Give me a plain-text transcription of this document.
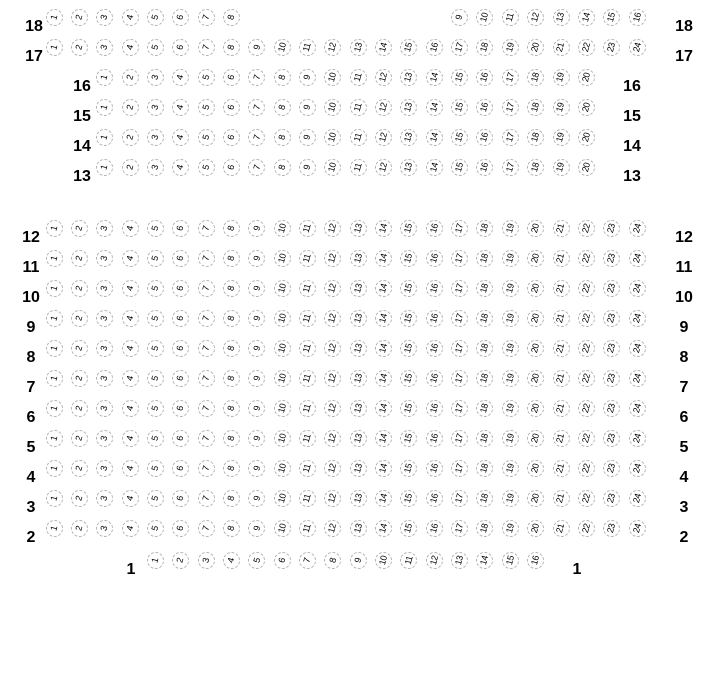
18
1 2 3 4 5 6 7 8	9 10 11 12 13 14 15 16
18
17
1 2 3 4 5 6 7 8 9 10 11 12 13 14 15 16 17 18 19 20 21 22 23 24
17
16
1 2 3 4 5 6 7 8 9 10 11 12 13 14 15 16 17 18 19 20
16
15
1 2 3 4 5 6 7 8 9 10 11 12 13 14 15 16 17 18 19 20
15
14
1 2 3 4 5 6 7 8 9 10 11 12 13 14 15 16 17 18 19 20
14
13
1 2 3 4 5 6 7 8 9 10 11 12 13 14 15 16 17 18 19 20
13
12
1 2 3 4 5 6 7 8 9 10 11 12 13 14 15 16 17 18 19 20 21 22 23 24
12
11
1 2 3 4 5 6 7 8 9 10 11 12 13 14 15 16 17 18 19 20 21 22 23 24
11
10
1 2 3 4 5 6 7 8 9 10 11 12 13 14 15 16 17 18 19 20 21 22 23 24
10
9
1 2 3 4 5 6 7 8 9 10 11 12 13 14 15 16 17 18 19 20 21 22 23 24
9
8
1 2 3 4 5 6 7 8 9 10 11 12 13 14 15 16 17 18 19 20 21 22 23 24
8
7
1 2 3 4 5 6 7 8 9 10 11 12 13 14 15 16 17 18 19 20 21 22 23 24
7
6
1 2 3 4 5 6 7 8 9 10 11 12 13 14 15 16 17 18 19 20 21 22 23 24
6
5
1 2 3 4 5 6 7 8 9 10 11 12 13 14 15 16 17 18 19 20 21 22 23 24
5
4
1 2 3 4 5 6 7 8 9 10 11 12 13 14 15 16 17 18 19 20 21 22 23 24
4
3
1 2 3 4 5 6 7 8 9 10 11 12 13 14 15 16 17 18 19 20 21 22 23 24
3
2
1 2 3 4 5 6 7 8 9 10 11 12 13 14 15 16 17 18 19 20 21 22 23 24
2
1
1 2 3 4 5 6 7 8 9 10 11 12 13 14 15 16
1
